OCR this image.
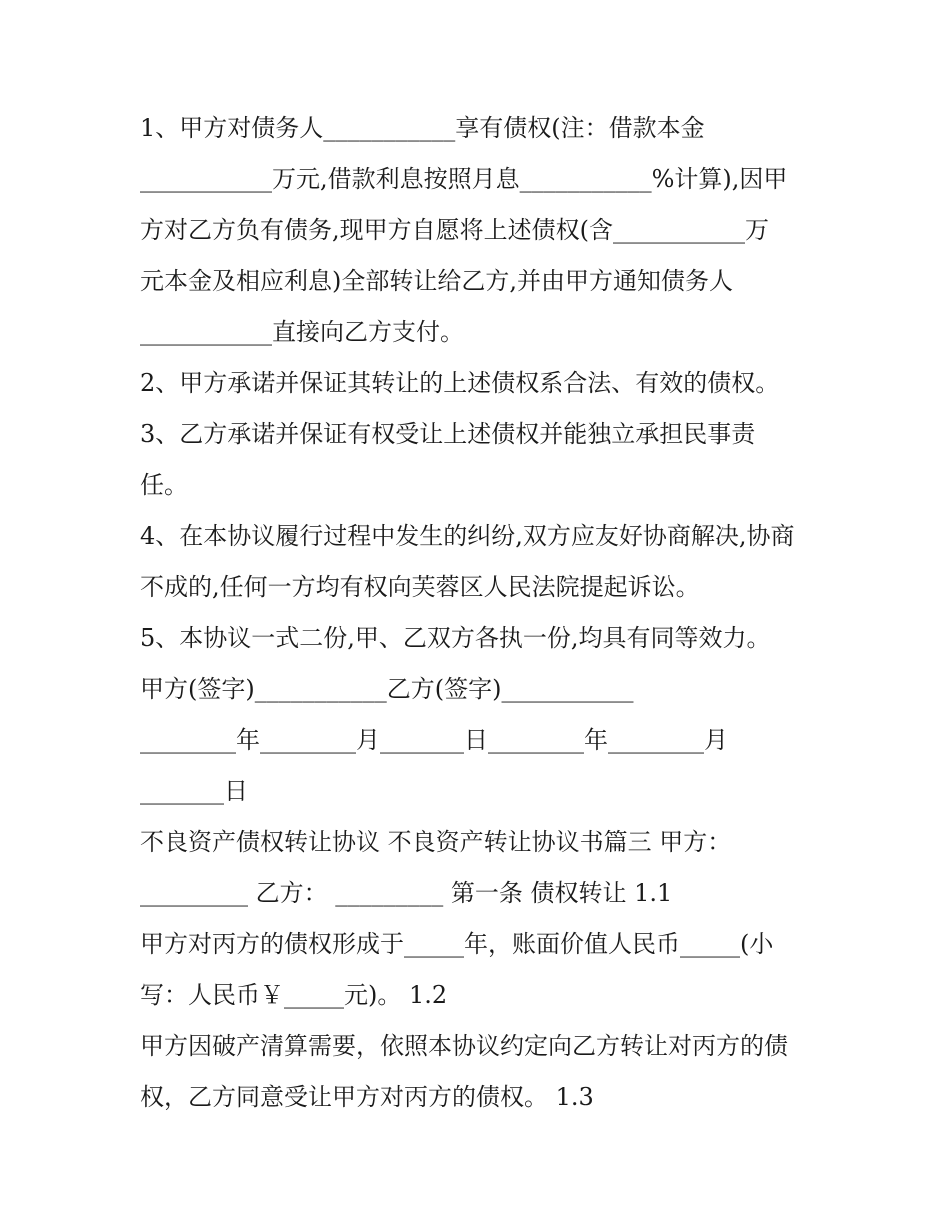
1、甲方对债务人___________享有债权(注：借款本金
___________万元,借款利息按照月息___________%计算),因甲
方对乙方负有债务,现甲方自愿将上述债权(含___________万
元本金及相应利息)全部转让给乙方,并由甲方通知债务人
___________直接向乙方支付。
2、甲方承诺并保证其转让的上述债权系合法、有效的债权。
3、乙方承诺并保证有权受让上述债权并能独立承担民事责
任。
4、在本协议履行过程中发生的纠纷,双方应友好协商解决,协商
不成的,任何一方均有权向芙蓉区人民法院提起诉讼。
5、本协议一式二份,甲、乙双方各执一份,均具有同等效力。
甲方(签字)___________乙方(签字)___________
________年________月_______日________年________月
_______日
不良资产债权转让协议 不良资产转让协议书篇三 甲方：
_________ 乙方： _________ 第一条 债权转让 1.1
甲方对丙方的债权形成于_____年，账面价值人民币_____(小
写：人民币￥_____元)。 1.2
甲方因破产清算需要，依照本协议约定向乙方转让对丙方的债
权，乙方同意受让甲方对丙方的债权。 1.3
